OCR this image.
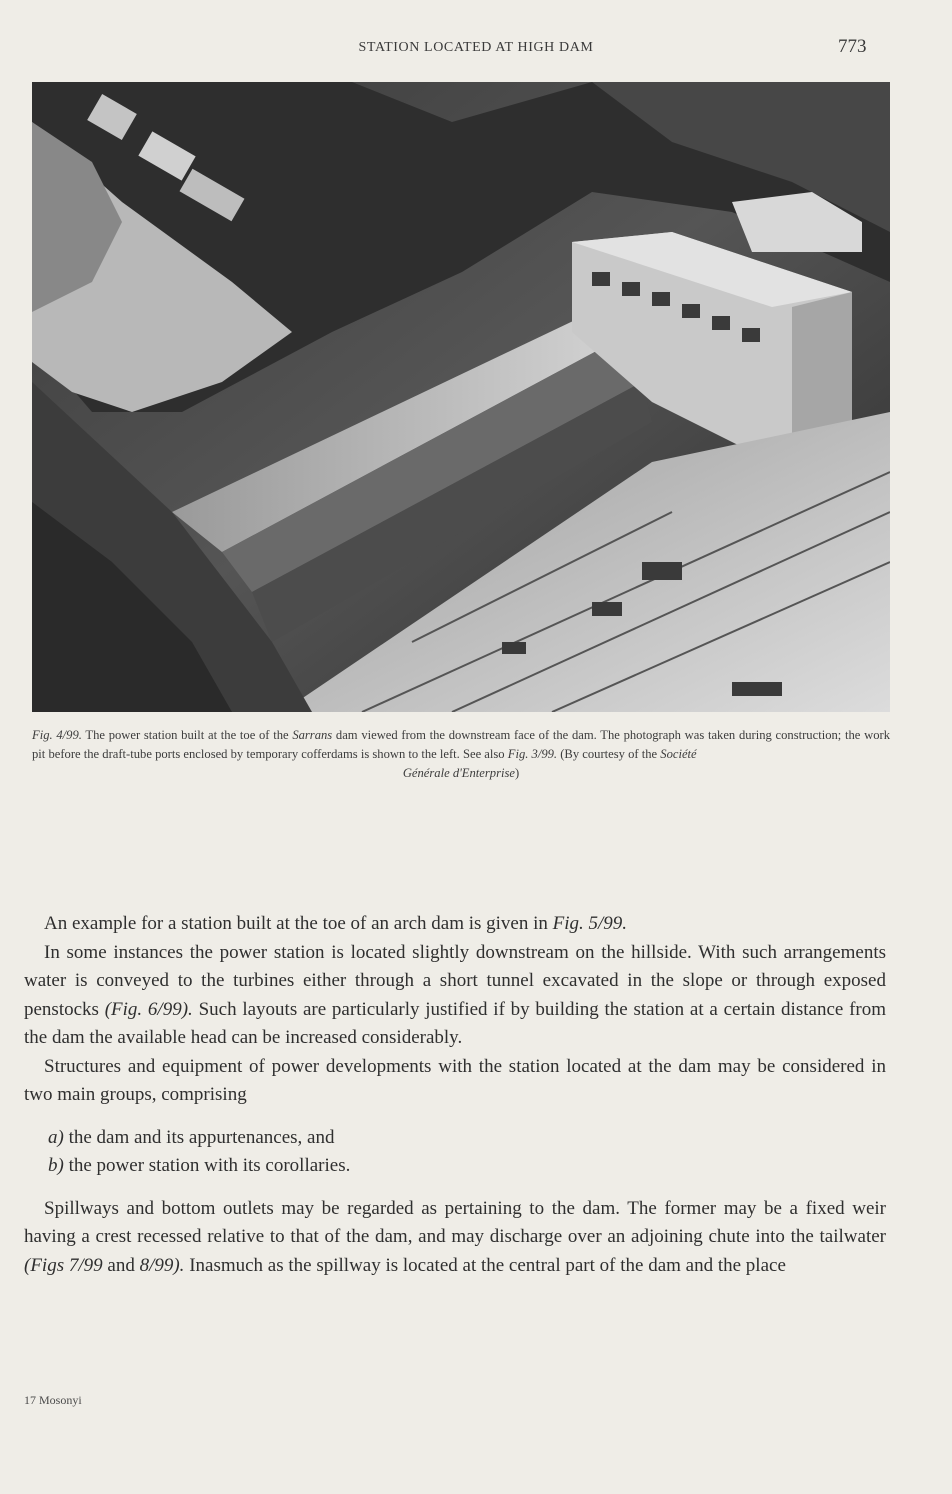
STATION LOCATED AT HIGH DAM	773
Fig. 4/99. The power station built at the toe of the Sarrans dam viewed from the downstream face of the dam. The photograph was taken during construction; the work pit before the draft-tube ports enclosed by temporary cofferdams is shown to the left. See also Fig. 3/99. (By courtesy of the Société
Générale d'Enterprise)

An example for a station built at the toe of an arch dam is given in Fig. 5/99.

In some instances the power station is located slightly downstream on the hillside. With such arrangements water is conveyed to the turbines either through a short tunnel excavated in the slope or through exposed penstocks (Fig. 6/99). Such layouts are particularly justified if by building the station at a certain distance from the dam the available head can be increased considerably.

Structures and equipment of power developments with the station located at the dam may be considered in two main groups, comprising

a) the dam and its appurtenances, and

b) the power station with its corollaries.

Spillways and bottom outlets may be regarded as pertaining to the dam. The former may be a fixed weir having a crest recessed relative to that of the dam, and may discharge over an adjoining chute into the tailwater (Figs 7/99 and 8/99). Inasmuch as the spillway is located at the central part of the dam and the place

17 Mosonyi
